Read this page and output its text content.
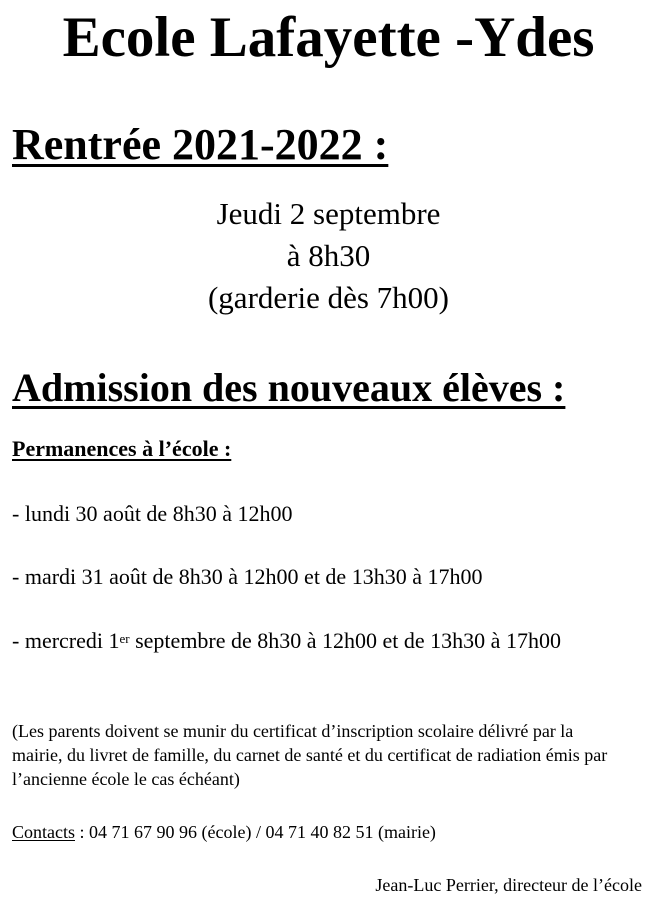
Ecole Lafayette -Ydes
Rentrée 2021-2022 :
Jeudi 2 septembre
à 8h30
(garderie dès 7h00)
Admission des nouveaux élèves :
Permanences à l’école :
- lundi 30 août de 8h30 à 12h00
- mardi 31 août de 8h30 à 12h00 et de 13h30 à 17h00
- mercredi 1er septembre de 8h30 à 12h00 et de 13h30 à 17h00

(Les parents doivent se munir du certificat d’inscription scolaire délivré par la mairie, du livret de famille, du carnet de santé et du certificat de radiation émis par l’ancienne école le cas échéant)

Contacts : 04 71 67 90 96 (école) / 04 71 40 82 51 (mairie)
Jean-Luc Perrier, directeur de l’école
